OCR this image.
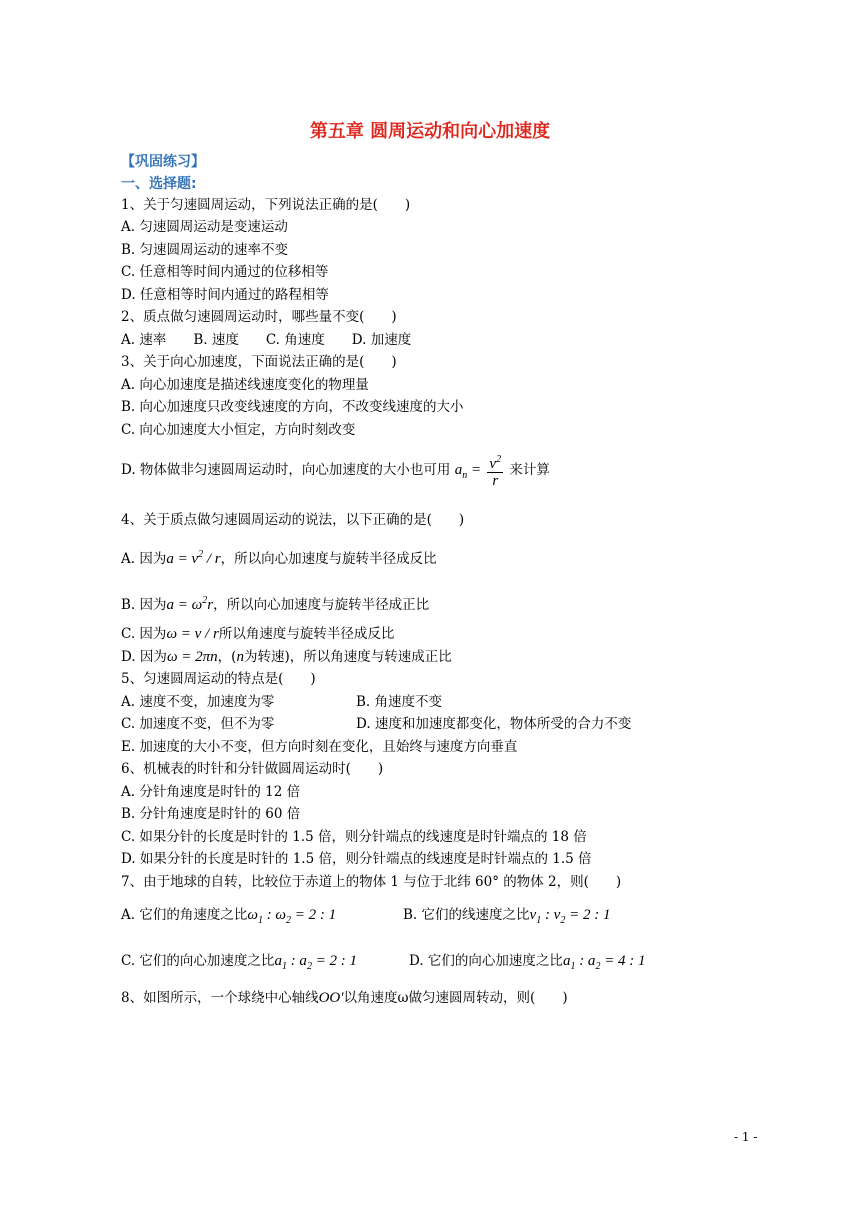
第五章 圆周运动和向心加速度
【巩固练习】
一、选择题:
1、关于匀速圆周运动，下列说法正确的是(　　)
A. 匀速圆周运动是变速运动
B. 匀速圆周运动的速率不变
C. 任意相等时间内通过的位移相等
D. 任意相等时间内通过的路程相等
2、质点做匀速圆周运动时，哪些量不变(　　)
A. 速率　　B. 速度　　C. 角速度　　D. 加速度
3、关于向心加速度，下面说法正确的是(　　)
A. 向心加速度是描述线速度变化的物理量
B. 向心加速度只改变线速度的方向，不改变线速度的大小
C. 向心加速度大小恒定，方向时刻改变
D. 物体做非匀速圆周运动时，向心加速度的大小也可用 $a_n = \frac{v^2}{r}$ 来计算
4、关于质点做匀速圆周运动的说法，以下正确的是(　　)
A. 因为$a = v^2 / r$，所以向心加速度与旋转半径成反比
B. 因为$a = \omega^2r$，所以向心加速度与旋转半径成正比
C. 因为ω = v / r所以角速度与旋转半径成反比
D. 因为ω = 2πn，(n为转速)，所以角速度与转速成正比
5、匀速圆周运动的特点是(　　)
A. 速度不变，加速度为零	B. 角速度不变
C. 加速度不变，但不为零	D. 速度和加速度都变化，物体所受的合力不变
E. 加速度的大小不变，但方向时刻在变化，且始终与速度方向垂直
6、机械表的时针和分针做圆周运动时(　　)
A. 分针角速度是时针的 12 倍
B. 分针角速度是时针的 60 倍
C. 如果分针的长度是时针的 1.5 倍，则分针端点的线速度是时针端点的 18 倍
D. 如果分针的长度是时针的 1.5 倍，则分针端点的线速度是时针端点的 1.5 倍
7、由于地球的自转，比较位于赤道上的物体 1 与位于北纬 60° 的物体 2，则(　　)
A. 它们的角速度之比$\omega_1$ : $\omega_2 = 2$ : 1	B. 它们的线速度之比$v_1$ : $v_2 = 2$ : 1
C. 它们的向心加速度之比$a_1$ : $a_2 = 2$ : 1	D. 它们的向心加速度之比$a_1$ : $a_2 = 4$ : 1
8、如图所示，一个球绕中心轴线OO′以角速度ω做匀速圆周转动，则(　　)
- 1 -
